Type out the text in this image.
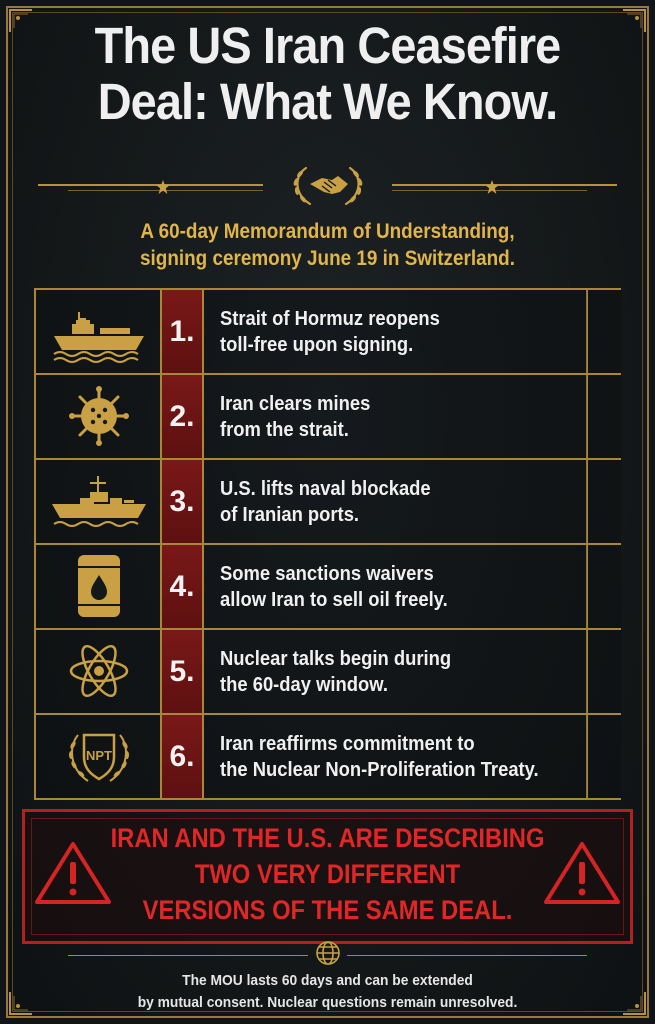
The US Iran Ceasefire
Deal: What We Know.

A 60-day Memorandum of Understanding,
signing ceremony June 19 in Switzerland.

1.	Strait of Hormuz reopens
toll-free upon signing.
2.	Iran clears mines
from the strait.
3.	U.S. lifts naval blockade
of Iranian ports.
4.	Some sanctions waivers
allow Iran to sell oil freely.
5.	Nuclear talks begin during
the 60-day window.
NPT 6.	Iran reaffirms commitment to
the Nuclear Non-Proliferation Treaty.

IRAN AND THE U.S. ARE DESCRIBING
TWO VERY DIFFERENT
VERSIONS OF THE SAME DEAL.

The MOU lasts 60 days and can be extended
by mutual consent. Nuclear questions remain unresolved.
